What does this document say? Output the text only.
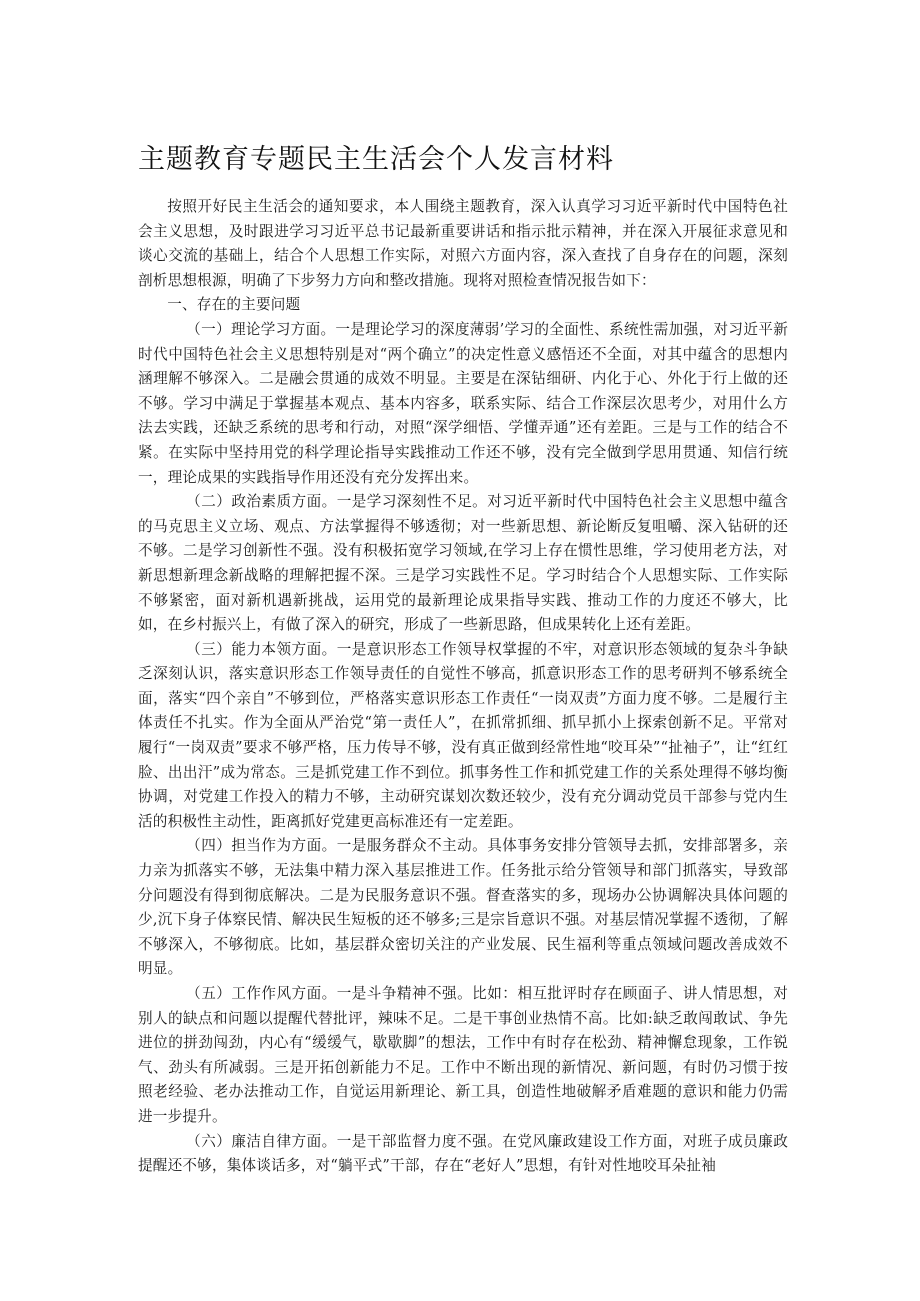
主题教育专题民主生活会个人发言材料

按照开好民主生活会的通知要求，本人围绕主题教育，深入认真学习习近平新时代中国特色社会主义思想，及时跟进学习习近平总书记最新重要讲话和指示批示精神，并在深入开展征求意见和谈心交流的基础上，结合个人思想工作实际，对照六方面内容，深入查找了自身存在的问题，深刻剖析思想根源，明确了下步努力方向和整改措施。现将对照检查情况报告如下：

一、存在的主要问题

（一）理论学习方面。一是理论学习的深度薄弱’学习的全面性、系统性需加强，对习近平新时代中国特色社会主义思想特别是对“两个确立”的决定性意义感悟还不全面，对其中蕴含的思想内涵理解不够深入。二是融会贯通的成效不明显。主要是在深钻细研、内化于心、外化于行上做的还不够。学习中满足于掌握基本观点、基本内容多，联系实际、结合工作深层次思考少，对用什么方法去实践，还缺乏系统的思考和行动，对照“深学细悟、学懂弄通”还有差距。三是与工作的结合不紧。在实际中坚持用党的科学理论指导实践推动工作还不够，没有完全做到学思用贯通、知信行统一，理论成果的实践指导作用还没有充分发挥出来。

（二）政治素质方面。一是学习深刻性不足。对习近平新时代中国特色社会主义思想中蕴含的马克思主义立场、观点、方法掌握得不够透彻；对一些新思想、新论断反复咀嚼、深入钻研的还不够。二是学习创新性不强。没有积极拓宽学习领域,在学习上存在惯性思维，学习使用老方法，对新思想新理念新战略的理解把握不深。三是学习实践性不足。学习时结合个人思想实际、工作实际不够紧密，面对新机遇新挑战，运用党的最新理论成果指导实践、推动工作的力度还不够大，比如，在乡村振兴上，有做了深入的研究，形成了一些新思路，但成果转化上还有差距。

（三）能力本领方面。一是意识形态工作领导权掌握的不牢，对意识形态领域的复杂斗争缺乏深刻认识，落实意识形态工作领导责任的自觉性不够高，抓意识形态工作的思考研判不够系统全面，落实“四个亲自”不够到位，严格落实意识形态工作责任“一岗双责”方面力度不够。二是履行主体责任不扎实。作为全面从严治党“第一责任人”，在抓常抓细、抓早抓小上探索创新不足。平常对履行“一岗双责”要求不够严格，压力传导不够，没有真正做到经常性地“咬耳朵”“扯袖子”，让“红红脸、出出汗”成为常态。三是抓党建工作不到位。抓事务性工作和抓党建工作的关系处理得不够均衡协调，对党建工作投入的精力不够，主动研究谋划次数还较少，没有充分调动党员干部参与党内生活的积极性主动性，距离抓好党建更高标准还有一定差距。

（四）担当作为方面。一是服务群众不主动。具体事务安排分管领导去抓，安排部署多，亲力亲为抓落实不够，无法集中精力深入基层推进工作。任务批示给分管领导和部门抓落实，导致部分问题没有得到彻底解决。二是为民服务意识不强。督查落实的多，现场办公协调解决具体问题的少,沉下身子体察民情、解决民生短板的还不够多;三是宗旨意识不强。对基层情况掌握不透彻，了解不够深入，不够彻底。比如，基层群众密切关注的产业发展、民生福利等重点领域问题改善成效不明显。

（五）工作作风方面。一是斗争精神不强。比如：相互批评时存在顾面子、讲人情思想，对别人的缺点和问题以提醒代替批评，辣味不足。二是干事创业热情不高。比如:缺乏敢闯敢试、争先进位的拼劲闯劲，内心有“缓缓气，歇歇脚”的想法，工作中有时存在松劲、精神懈怠现象，工作锐气、劲头有所减弱。三是开拓创新能力不足。工作中不断出现的新情况、新问题，有时仍习惯于按照老经验、老办法推动工作，自觉运用新理论、新工具，创造性地破解矛盾难题的意识和能力仍需进一步提升。

（六）廉洁自律方面。一是干部监督力度不强。在党风廉政建设工作方面，对班子成员廉政提醒还不够，集体谈话多，对“躺平式”干部，存在“老好人”思想，有针对性地咬耳朵扯袖
